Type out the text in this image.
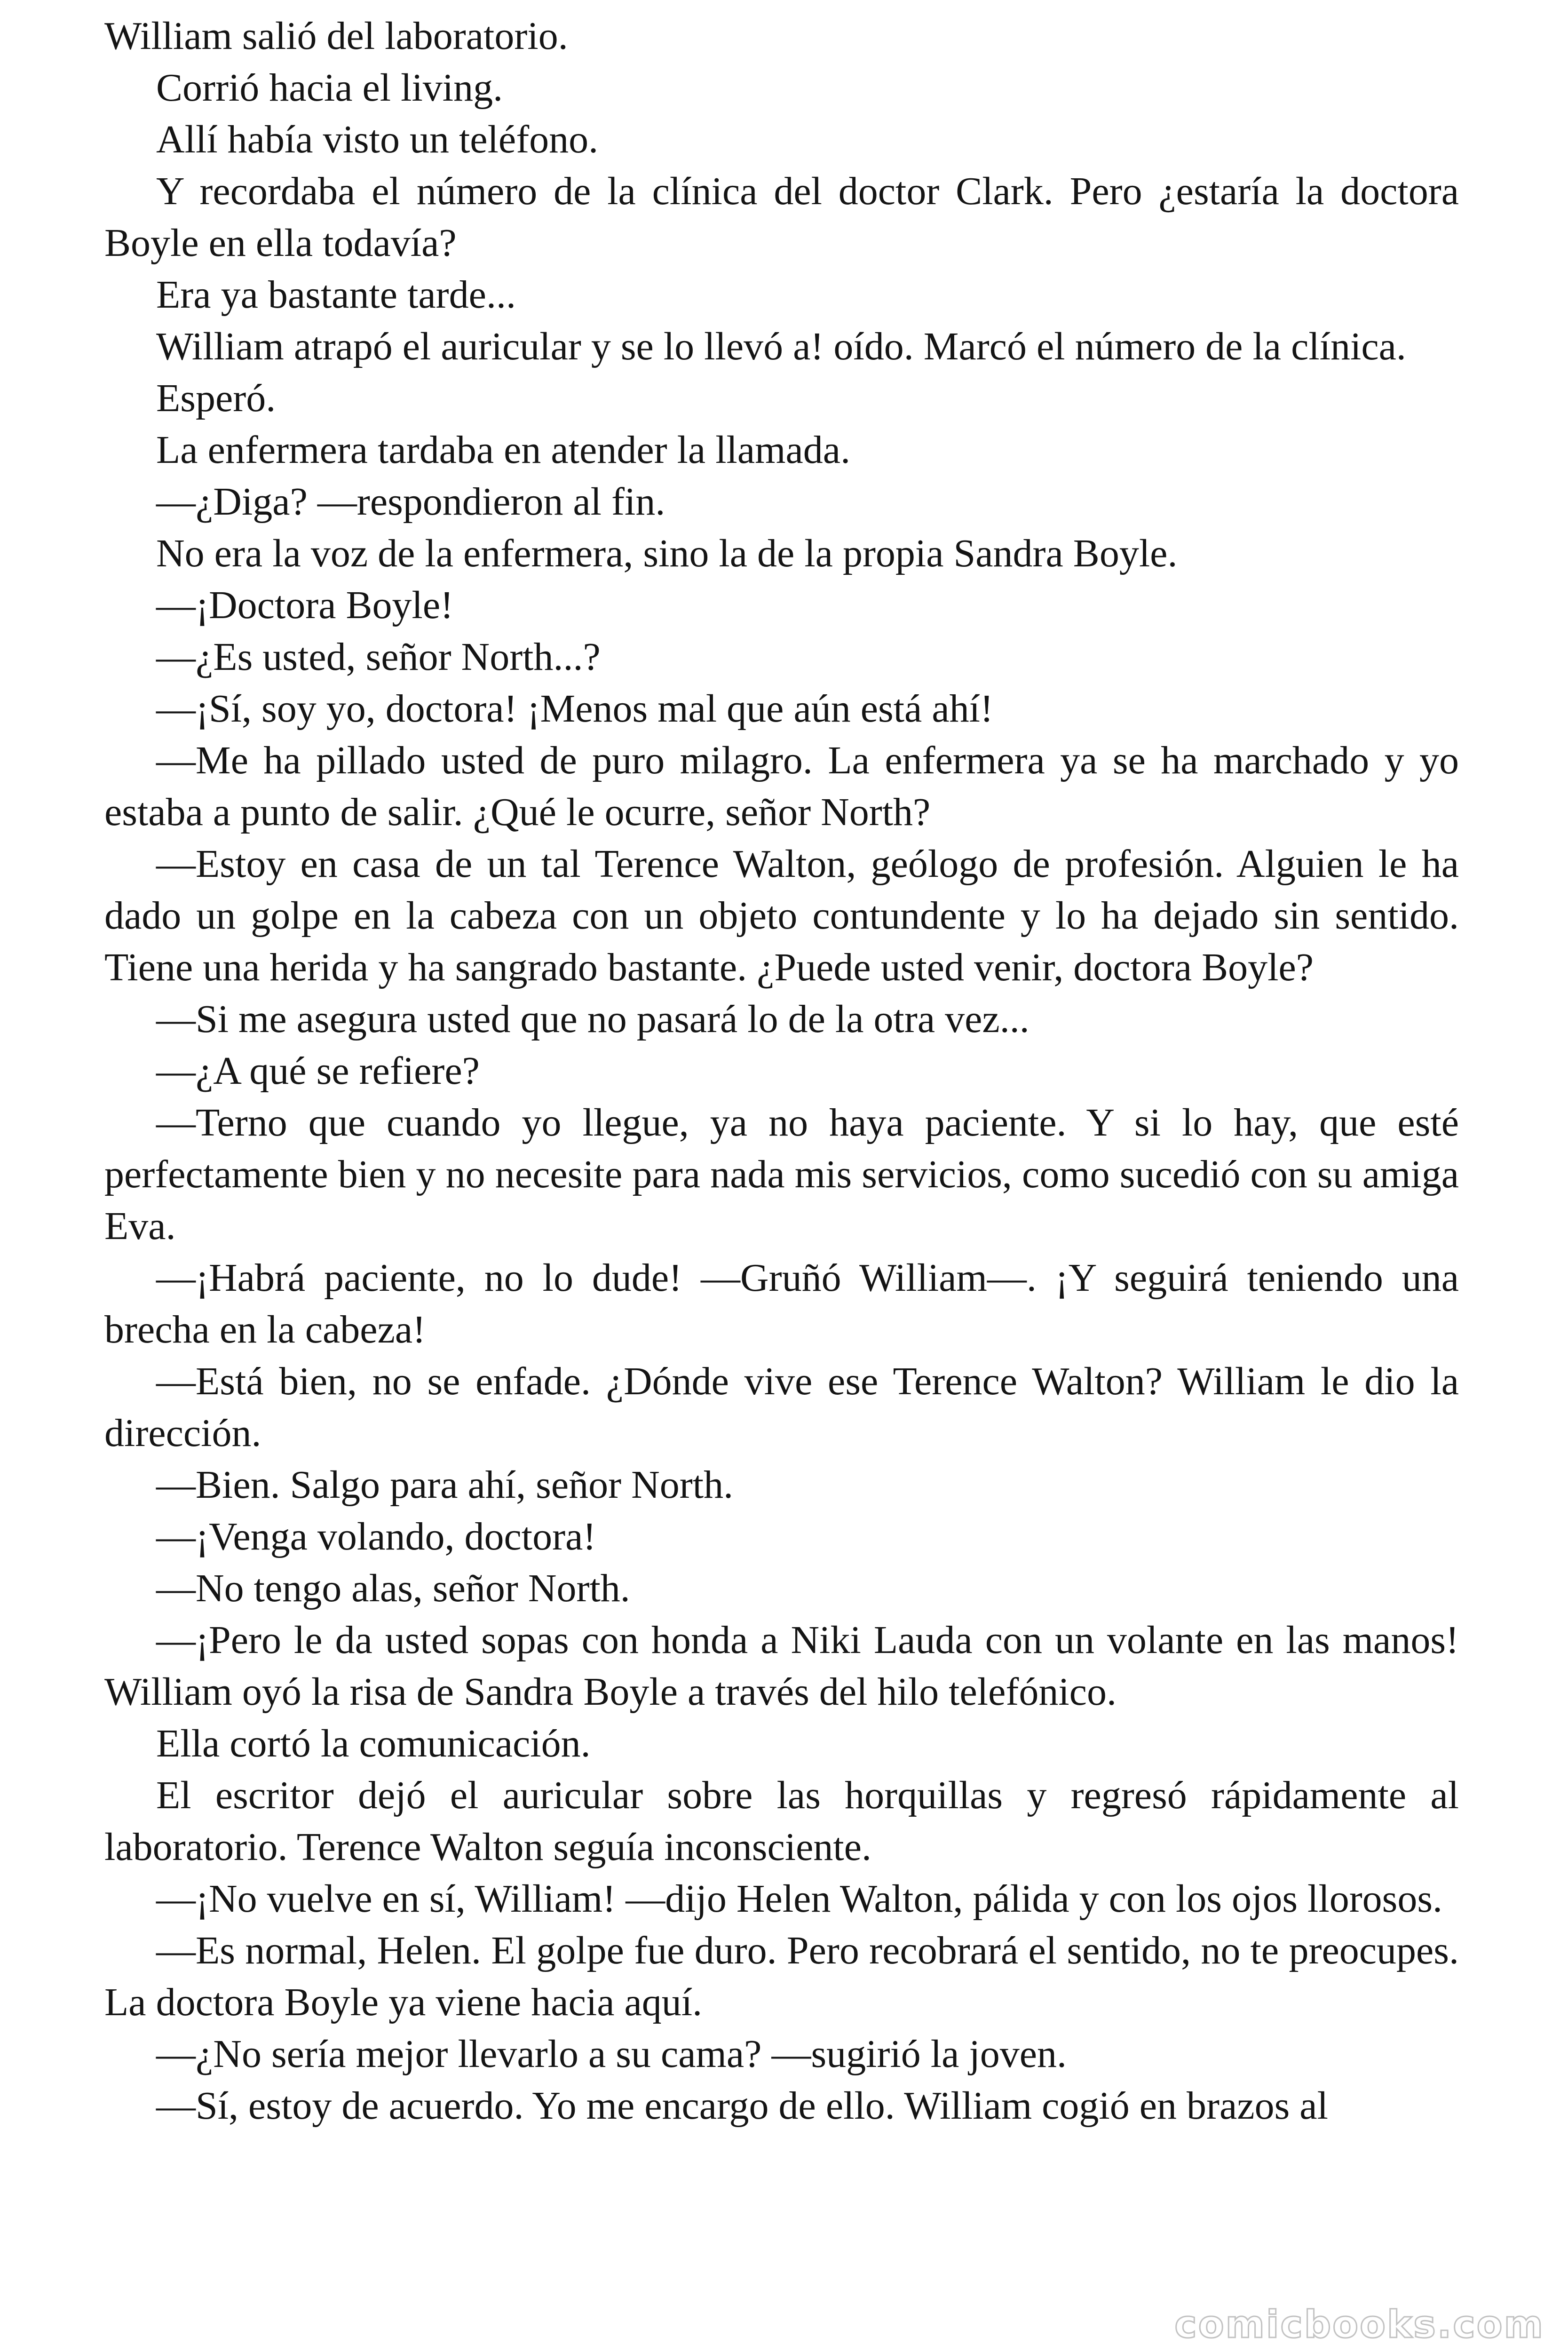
William salió del laboratorio.

Corrió hacia el living.

Allí había visto un teléfono.

Y recordaba el número de la clínica del doctor Clark. Pero ¿estaría la doctora Boyle en ella todavía?

Era ya bastante tarde...

William atrapó el auricular y se lo llevó a! oído. Marcó el número de la clínica.

Esperó.

La enfermera tardaba en atender la llamada.

—¿Diga? —respondieron al fin.

No era la voz de la enfermera, sino la de la propia Sandra Boyle.

—¡Doctora Boyle!

—¿Es usted, señor North...?

—¡Sí, soy yo, doctora! ¡Menos mal que aún está ahí!

—Me ha pillado usted de puro milagro. La enfermera ya se ha marchado y yo estaba a punto de salir. ¿Qué le ocurre, señor North?

—Estoy en casa de un tal Terence Walton, geólogo de profesión. Alguien le ha dado un golpe en la cabeza con un objeto contundente y lo ha dejado sin sentido. Tiene una herida y ha sangrado bastante. ¿Puede usted venir, doctora Boyle?

—Si me asegura usted que no pasará lo de la otra vez...

—¿A qué se refiere?

—Terno que cuando yo llegue, ya no haya paciente. Y si lo hay, que esté perfectamente bien y no necesite para nada mis servicios, como sucedió con su amiga Eva.

—¡Habrá paciente, no lo dude! —Gruñó William—. ¡Y seguirá teniendo una brecha en la cabeza!

—Está bien, no se enfade. ¿Dónde vive ese Terence Walton? William le dio la dirección.

—Bien. Salgo para ahí, señor North.

—¡Venga volando, doctora!

—No tengo alas, señor North.

—¡Pero le da usted sopas con honda a Niki Lauda con un volante en las manos! William oyó la risa de Sandra Boyle a través del hilo telefónico.

Ella cortó la comunicación.

El escritor dejó el auricular sobre las horquillas y regresó rápidamente al laboratorio. Terence Walton seguía inconsciente.

—¡No vuelve en sí, William! —dijo Helen Walton, pálida y con los ojos llorosos.

—Es normal, Helen. El golpe fue duro. Pero recobrará el sentido, no te preocupes. La doctora Boyle ya viene hacia aquí.

—¿No sería mejor llevarlo a su cama? —sugirió la joven.

—Sí, estoy de acuerdo. Yo me encargo de ello. William cogió en brazos al

comicbooks.com
